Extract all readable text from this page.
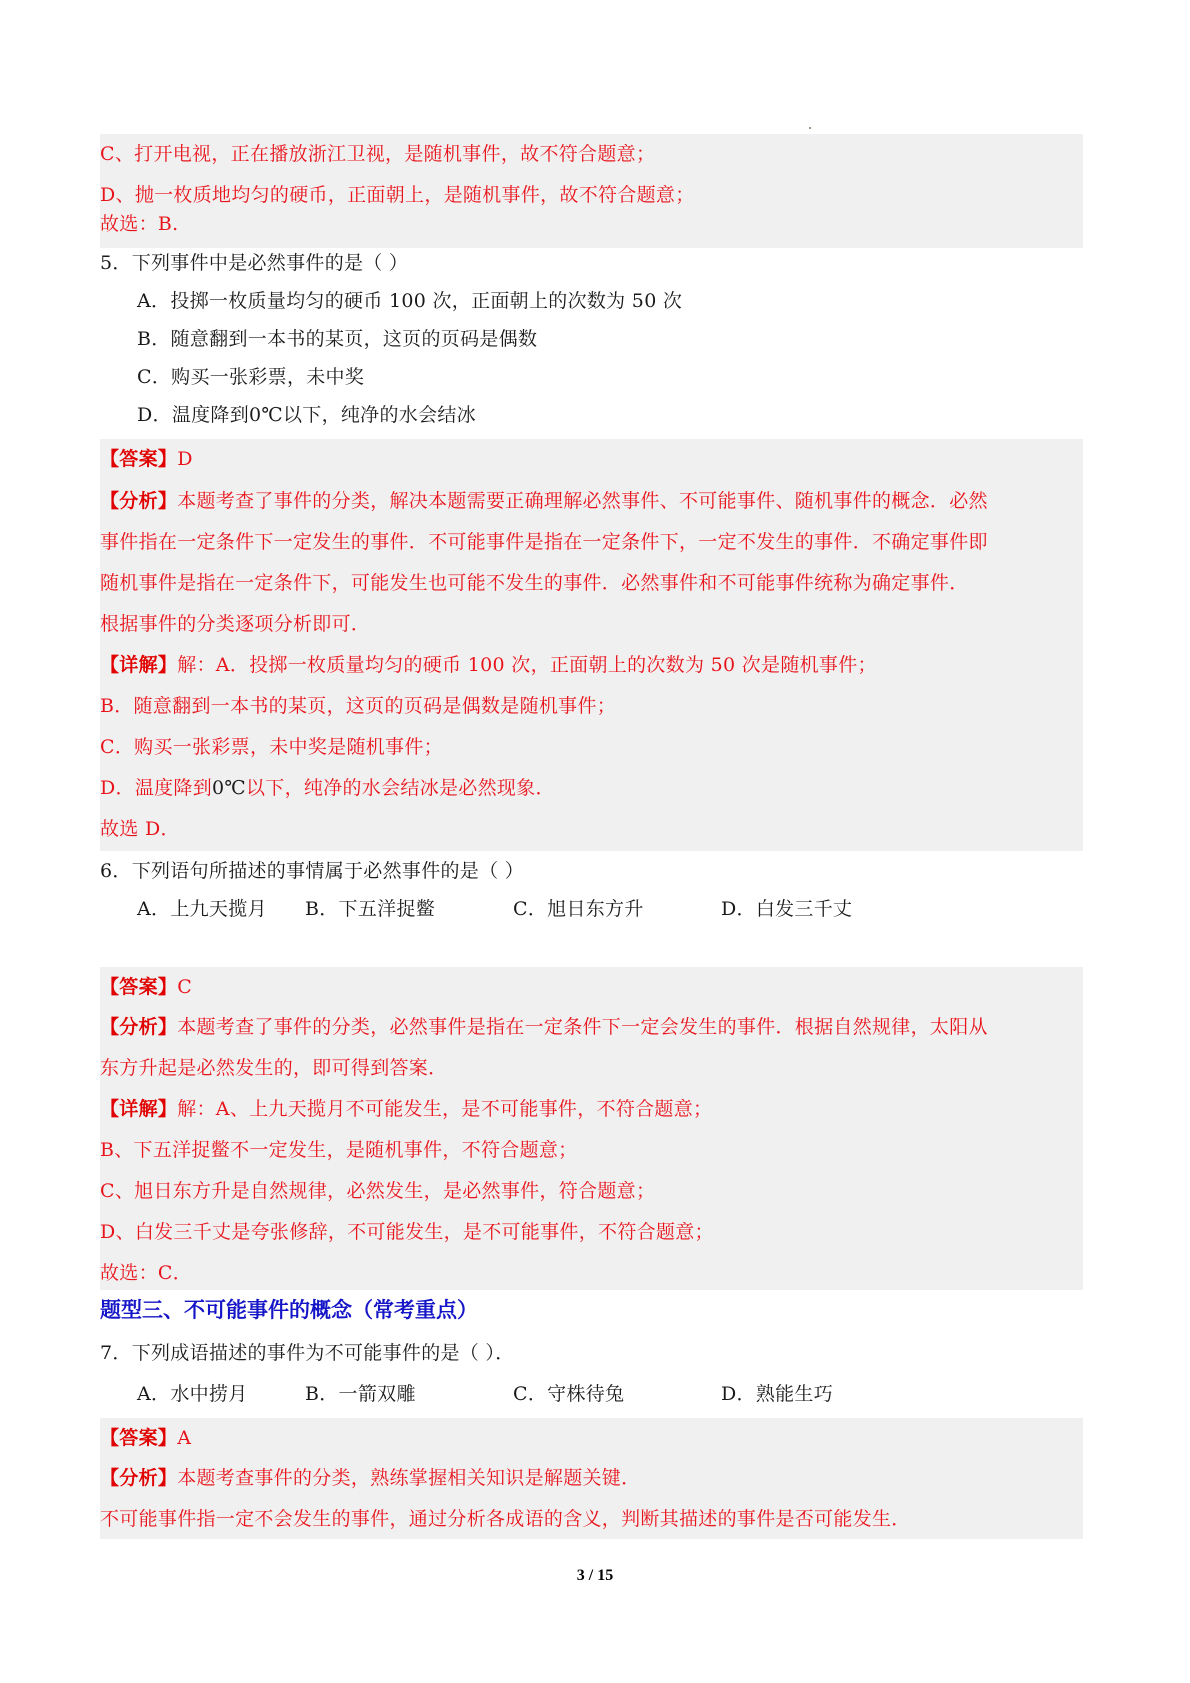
C、打开电视，正在播放浙江卫视，是随机事件，故不符合题意；
D、抛一枚质地均匀的硬币，正面朝上，是随机事件，故不符合题意；
故选：B.
5．下列事件中是必然事件的是（ ）
A．投掷一枚质量均匀的硬币 100 次，正面朝上的次数为 50 次
B．随意翻到一本书的某页，这页的页码是偶数
C．购买一张彩票，未中奖
D．温度降到0℃以下，纯净的水会结冰
【答案】D
【分析】本题考查了事件的分类，解决本题需要正确理解必然事件、不可能事件、随机事件的概念．必然
事件指在一定条件下一定发生的事件．不可能事件是指在一定条件下，一定不发生的事件．不确定事件即
随机事件是指在一定条件下，可能发生也可能不发生的事件．必然事件和不可能事件统称为确定事件．
根据事件的分类逐项分析即可．
【详解】解：A．投掷一枚质量均匀的硬币 100 次，正面朝上的次数为 50 次是随机事件；
B．随意翻到一本书的某页，这页的页码是偶数是随机事件；
C．购买一张彩票，未中奖是随机事件；
D．温度降到0℃以下，纯净的水会结冰是必然现象．
故选 D．
6．下列语句所描述的事情属于必然事件的是（ ）
A．上九天揽月 B．下五洋捉鳖	C．旭日东方升	D．白发三千丈
【答案】C
【分析】本题考查了事件的分类，必然事件是指在一定条件下一定会发生的事件．根据自然规律，太阳从
东方升起是必然发生的，即可得到答案．
【详解】解：A、上九天揽月不可能发生，是不可能事件，不符合题意；
B、下五洋捉鳖不一定发生，是随机事件，不符合题意；
C、旭日东方升是自然规律，必然发生，是必然事件，符合题意；
D、白发三千丈是夸张修辞，不可能发生，是不可能事件，不符合题意；
故选：C．
题型三、不可能事件的概念（常考重点）
7．下列成语描述的事件为不可能事件的是（ ）．
A．水中捞月	B．一箭双雕	C．守株待兔	D．熟能生巧
【答案】A
【分析】本题考查事件的分类，熟练掌握相关知识是解题关键．
不可能事件指一定不会发生的事件，通过分析各成语的含义，判断其描述的事件是否可能发生．
3 / 15
